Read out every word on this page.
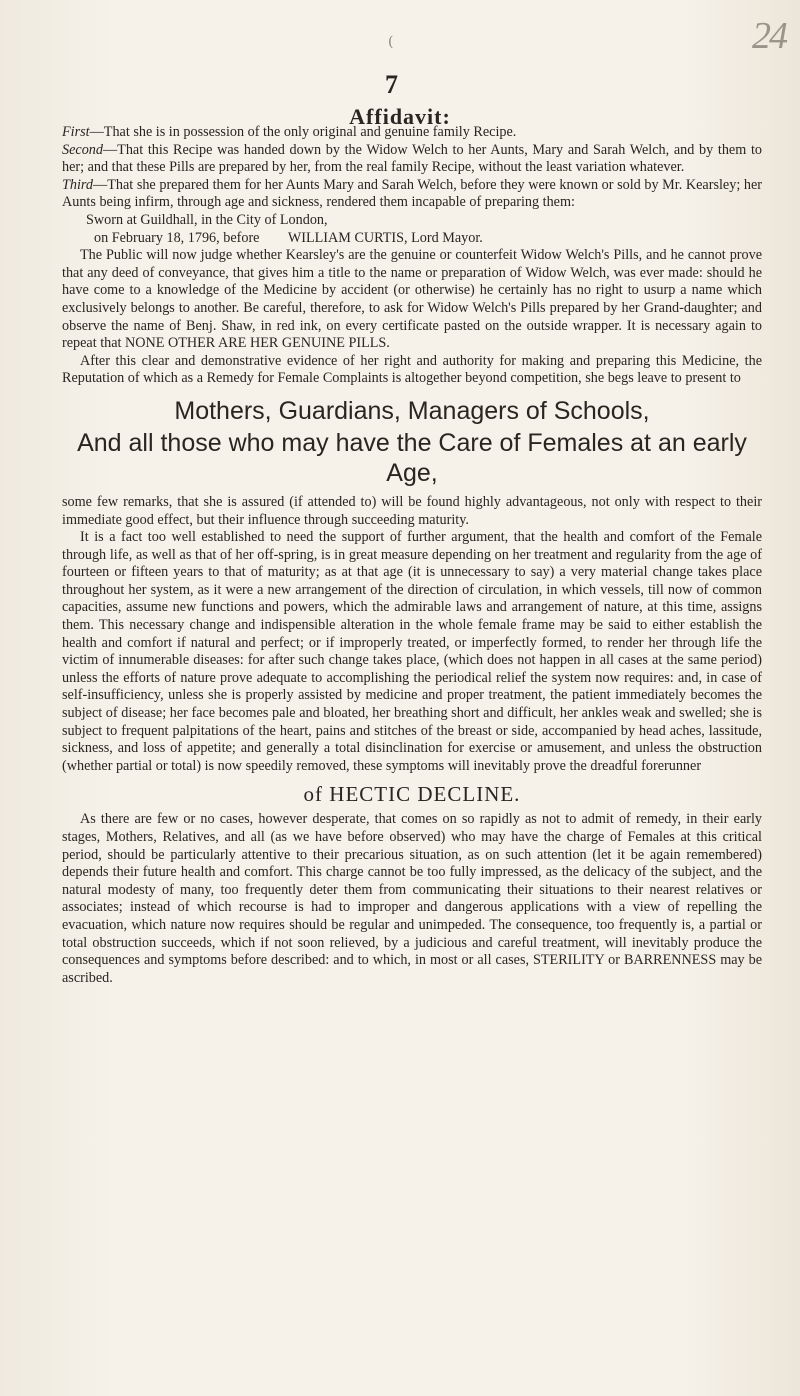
24
(
7
Affidavit:

First—That she is in possession of the only original and genuine family Recipe.

Second—That this Recipe was handed down by the Widow Welch to her Aunts, Mary and Sarah Welch, and by them to her; and that these Pills are prepared by her, from the real family Recipe, without the least variation whatever.

Third—That she prepared them for her Aunts Mary and Sarah Welch, before they were known or sold by Mr. Kearsley; her Aunts being infirm, through age and sickness, rendered them incapable of preparing them:

Sworn at Guildhall, in the City of London,

on February 18, 1796, before WILLIAM CURTIS, Lord Mayor.

The Public will now judge whether Kearsley's are the genuine or counterfeit Widow Welch's Pills, and he cannot prove that any deed of conveyance, that gives him a title to the name or preparation of Widow Welch, was ever made: should he have come to a knowledge of the Medicine by accident (or otherwise) he certainly has no right to usurp a name which exclusively belongs to another. Be careful, therefore, to ask for Widow Welch's Pills prepared by her Grand-daughter; and observe the name of Benj. Shaw, in red ink, on every certificate pasted on the outside wrapper. It is necessary again to repeat that NONE OTHER ARE HER GENUINE PILLS.

After this clear and demonstrative evidence of her right and authority for making and preparing this Medicine, the Reputation of which as a Remedy for Female Complaints is altogether beyond competition, she begs leave to present to

Mothers, Guardians, Managers of Schools,
And all those who may have the Care of Females at an early Age,

some few remarks, that she is assured (if attended to) will be found highly advantageous, not only with respect to their immediate good effect, but their influence through succeeding maturity.

It is a fact too well established to need the support of further argument, that the health and comfort of the Female through life, as well as that of her off-spring, is in great measure depending on her treatment and regularity from the age of fourteen or fifteen years to that of maturity; as at that age (it is unnecessary to say) a very material change takes place throughout her system, as it were a new arrangement of the direction of circulation, in which vessels, till now of common capacities, assume new functions and powers, which the admirable laws and arrangement of nature, at this time, assigns them. This necessary change and indispensible alteration in the whole female frame may be said to either establish the health and comfort if natural and perfect; or if improperly treated, or imperfectly formed, to render her through life the victim of innumerable diseases: for after such change takes place, (which does not happen in all cases at the same period) unless the efforts of nature prove adequate to accomplishing the periodical relief the system now requires: and, in case of self-insufficiency, unless she is properly assisted by medicine and proper treatment, the patient immediately becomes the subject of disease; her face becomes pale and bloated, her breathing short and difficult, her ankles weak and swelled; she is subject to frequent palpitations of the heart, pains and stitches of the breast or side, accompanied by head aches, lassitude, sickness, and loss of appetite; and generally a total disinclination for exercise or amusement, and unless the obstruction (whether partial or total) is now speedily removed, these symptoms will inevitably prove the dreadful forerunner

of HECTIC DECLINE.

As there are few or no cases, however desperate, that comes on so rapidly as not to admit of remedy, in their early stages, Mothers, Relatives, and all (as we have before observed) who may have the charge of Females at this critical period, should be particularly attentive to their precarious situation, as on such attention (let it be again remembered) depends their future health and comfort. This charge cannot be too fully impressed, as the delicacy of the subject, and the natural modesty of many, too frequently deter them from communicating their situations to their nearest relatives or associates; instead of which recourse is had to improper and dangerous applications with a view of repelling the evacuation, which nature now requires should be regular and unimpeded. The consequence, too frequently is, a partial or total obstruction succeeds, which if not soon relieved, by a judicious and careful treatment, will inevitably produce the consequences and symptoms before described: and to which, in most or all cases, STERILITY or BARRENNESS may be ascribed.
